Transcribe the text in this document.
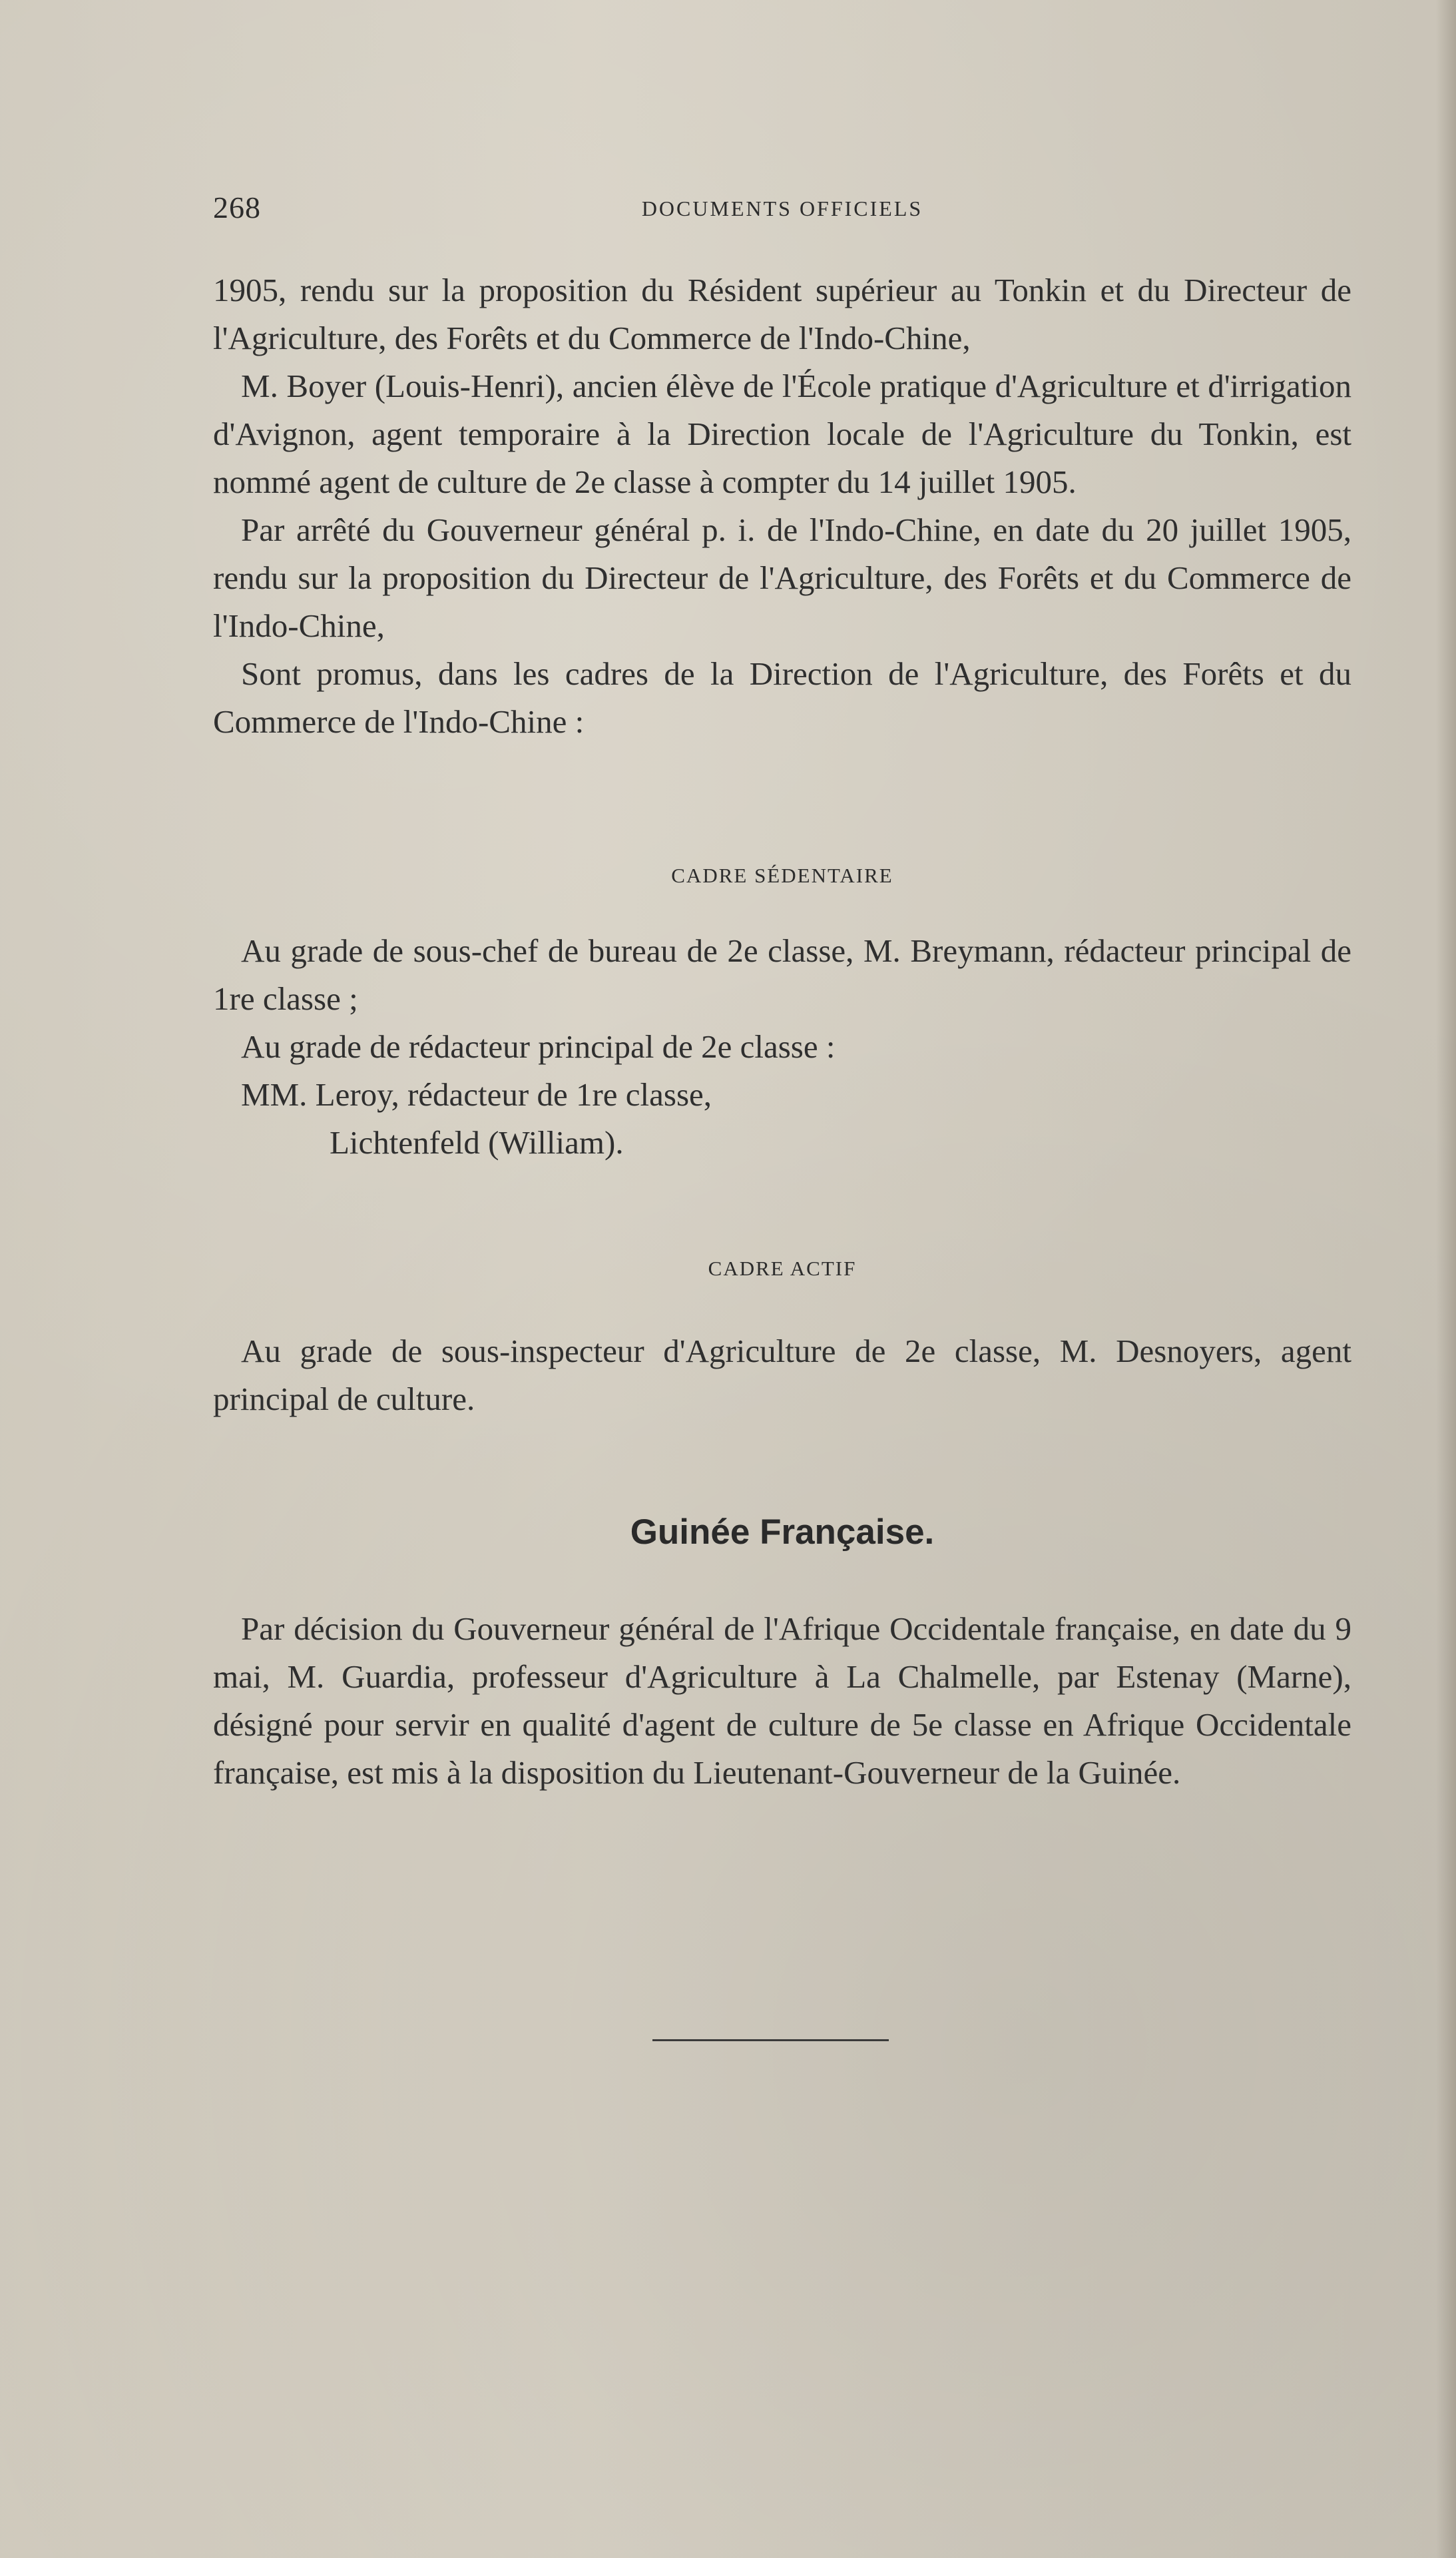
268	DOCUMENTS OFFICIELS

1905, rendu sur la proposition du Résident supérieur au Tonkin et du Directeur de l'Agriculture, des Forêts et du Commerce de l'Indo-Chine,

M. Boyer (Louis-Henri), ancien élève de l'École pratique d'Agriculture et d'irrigation d'Avignon, agent temporaire à la Direction locale de l'Agriculture du Tonkin, est nommé agent de culture de 2e classe à compter du 14 juillet 1905.

Par arrêté du Gouverneur général p. i. de l'Indo-Chine, en date du 20 juillet 1905, rendu sur la proposition du Directeur de l'Agriculture, des Forêts et du Commerce de l'Indo-Chine,

Sont promus, dans les cadres de la Direction de l'Agriculture, des Forêts et du Commerce de l'Indo-Chine :

CADRE SÉDENTAIRE

Au grade de sous-chef de bureau de 2e classe, M. Breymann, rédacteur principal de 1re classe ;

Au grade de rédacteur principal de 2e classe :

MM. Leroy, rédacteur de 1re classe,

Lichtenfeld (William).

CADRE ACTIF

Au grade de sous-inspecteur d'Agriculture de 2e classe, M. Desnoyers, agent principal de culture.

Guinée Française.

Par décision du Gouverneur général de l'Afrique Occidentale française, en date du 9 mai, M. Guardia, professeur d'Agriculture à La Chalmelle, par Estenay (Marne), désigné pour servir en qualité d'agent de culture de 5e classe en Afrique Occidentale française, est mis à la disposition du Lieutenant-Gouverneur de la Guinée.
